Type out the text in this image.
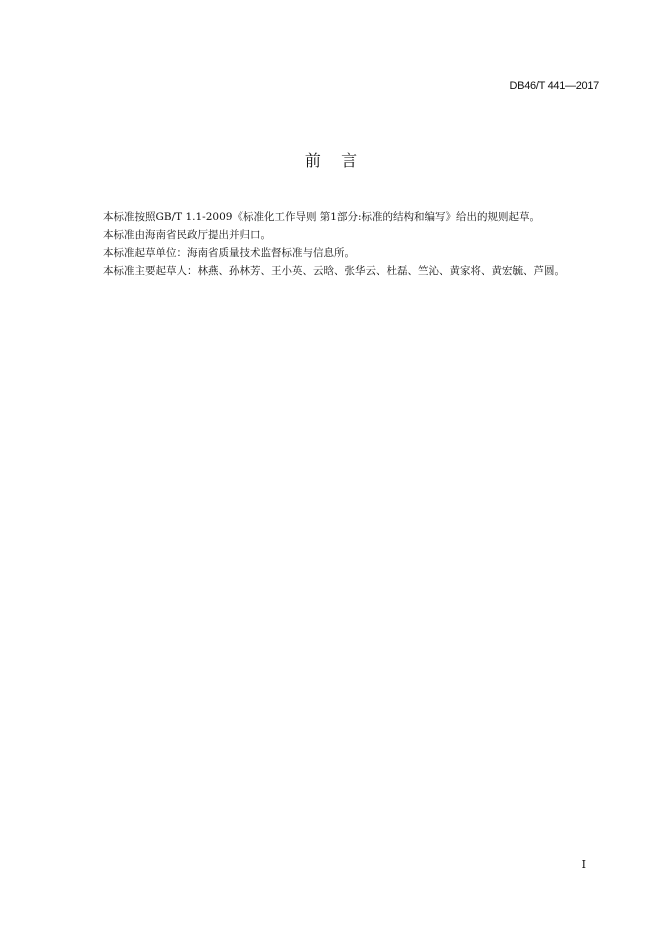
DB46/T 441—2017
前    言

本标准按照GB/T 1.1-2009《标准化工作导则 第1部分:标准的结构和编写》给出的规则起草。

本标准由海南省民政厅提出并归口。

本标准起草单位：海南省质量技术监督标准与信息所。

本标准主要起草人：林燕、孙林芳、王小英、云晗、张华云、杜磊、竺沁、黄家将、黄宏毓、芦圆。

I
